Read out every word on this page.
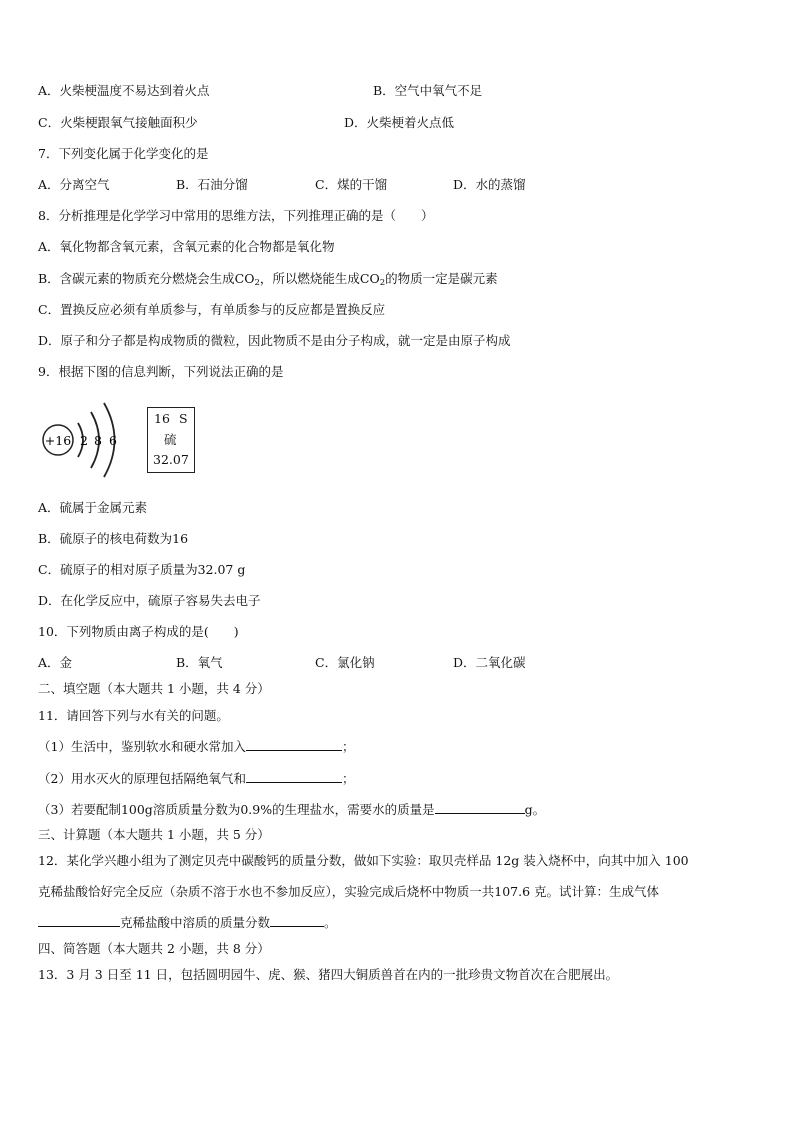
A．火柴梗温度不易达到着火点	B．空气中氧气不足
C．火柴梗跟氧气接触面积少	D．火柴梗着火点低
7．下列变化属于化学变化的是
A．分离空气	B．石油分馏	C．煤的干馏	D．水的蒸馏
8．分析推理是化学学习中常用的思维方法，下列推理正确的是（　　）
A．氧化物都含氧元素，含氧元素的化合物都是氧化物
B．含碳元素的物质充分燃烧会生成$CO_2$，所以燃烧能生成$CO_2$的物质一定是碳元素
C．置换反应必须有单质参与，有单质参与的反应都是置换反应
D．原子和分子都是构成物质的微粒，因此物质不是由分子构成，就一定是由原子构成
9．根据下图的信息判断，下列说法正确的是
+16 2 8 6
16 S
硫
32.07
A．硫属于金属元素
B．硫原子的核电荷数为16
C．硫原子的相对原子质量为32.07 g
D．在化学反应中，硫原子容易失去电子
10．下列物质由离子构成的是(　　)
A．金	B．氧气	C．氯化钠	D．二氧化碳
二、填空题（本大题共 1 小题，共 4 分）
11．请回答下列与水有关的问题。
（1）生活中，鉴别软水和硬水常加入	；
（2）用水灭火的原理包括隔绝氧气和	；
（3）若要配制100g溶质质量分数为0.9%的生理盐水，需要水的质量是	g。
三、计算题（本大题共 1 小题，共 5 分）
12．某化学兴趣小组为了测定贝壳中碳酸钙的质量分数，做如下实验：取贝壳样品 12g 装入烧杯中，向其中加入 100
克稀盐酸恰好完全反应（杂质不溶于水也不参加反应），实验完成后烧杯中物质一共107.6 克。试计算：生成气体
克稀盐酸中溶质的质量分数	。
四、简答题（本大题共 2 小题，共 8 分）
13．3 月 3 日至 11 日，包括圆明园牛、虎、猴、猪四大铜质兽首在内的一批珍贵文物首次在合肥展出。
